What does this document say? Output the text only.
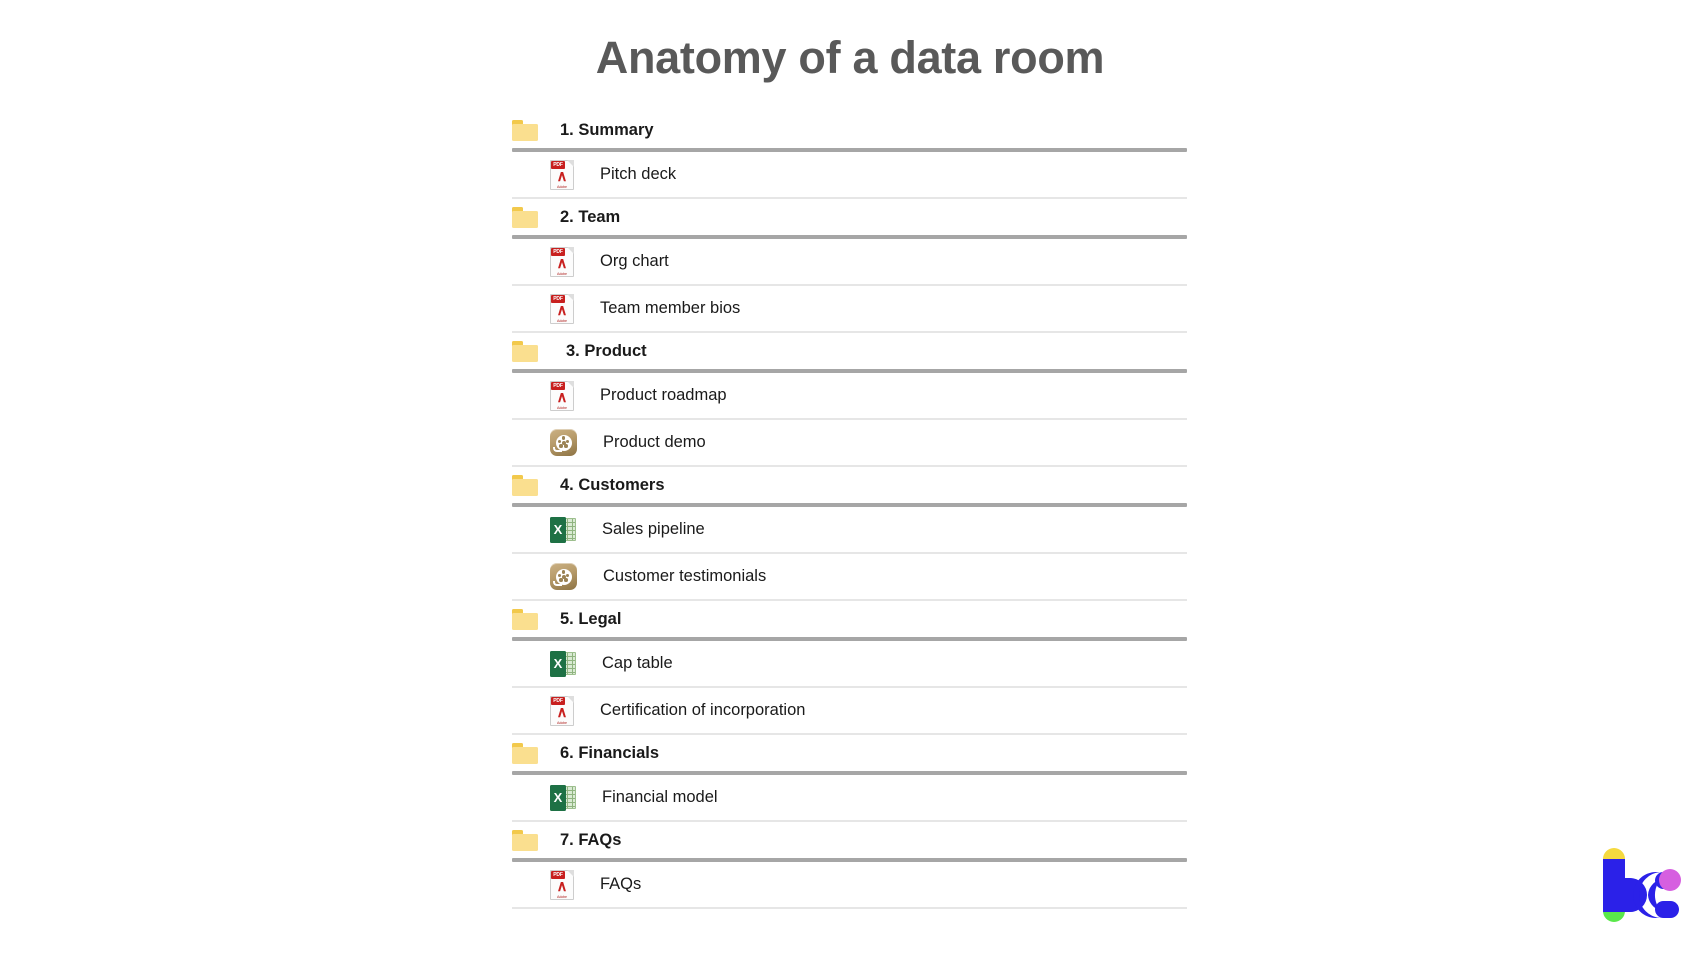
Anatomy of a data room
1. Summary
PDF
∧
Adobe
Pitch deck
2. Team
PDF
∧
Adobe
Org chart
PDF
∧
Adobe
Team member bios
3. Product
PDF
∧
Adobe
Product roadmap
Product demo
4. Customers
X Sales pipeline
Customer testimonials
5. Legal
X Cap table
PDF
∧
Adobe
Certification of incorporation
6. Financials
X Financial model
7. FAQs
PDF
∧
Adobe
FAQs
